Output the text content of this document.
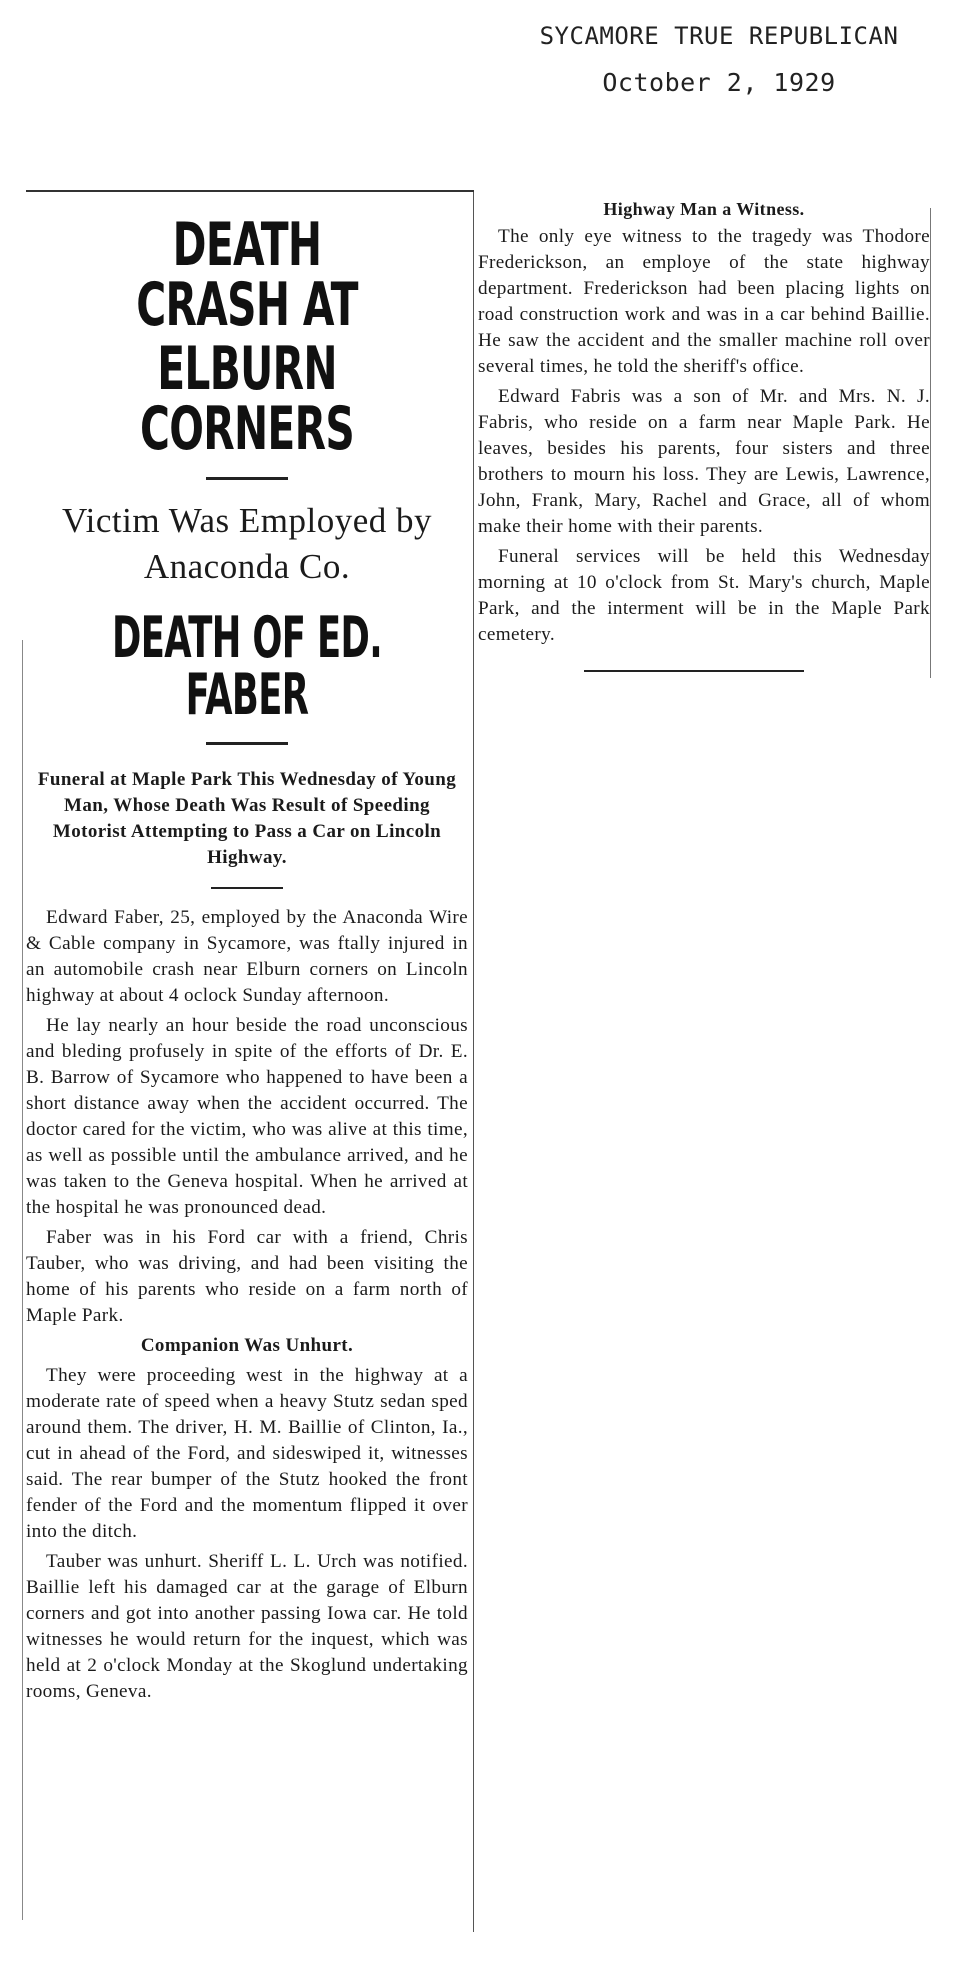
SYCAMORE TRUE REPUBLICAN
October 2, 1929
DEATH CRASH AT
ELBURN CORNERS

Victim Was Employed by Anaconda Co.

DEATH OF ED. FABER

Funeral at Maple Park This Wednesday of Young Man, Whose Death Was Result of Speeding Motorist Attempting to Pass a Car on Lincoln Highway.

Edward Faber, 25, employed by the Anaconda Wire & Cable company in Sycamore, was ftally injured in an automobile crash near Elburn corners on Lincoln highway at about 4 oclock Sunday afternoon.

He lay nearly an hour beside the road unconscious and bleding profusely in spite of the efforts of Dr. E. B. Barrow of Sycamore who happened to have been a short distance away when the accident occurred. The doctor cared for the victim, who was alive at this time, as well as possible until the ambulance arrived, and he was taken to the Geneva hospital. When he arrived at the hospital he was pronounced dead.

Faber was in his Ford car with a friend, Chris Tauber, who was driving, and had been visiting the home of his parents who reside on a farm north of Maple Park.

Companion Was Unhurt.

They were proceeding west in the highway at a moderate rate of speed when a heavy Stutz sedan sped around them. The driver, H. M. Baillie of Clinton, Ia., cut in ahead of the Ford, and sideswiped it, witnesses said. The rear bumper of the Stutz hooked the front fender of the Ford and the momentum flipped it over into the ditch.

Tauber was unhurt. Sheriff L. L. Urch was notified. Baillie left his damaged car at the garage of Elburn corners and got into another passing Iowa car. He told witnesses he would return for the inquest, which was held at 2 o'clock Monday at the Skoglund undertaking rooms, Geneva.

Highway Man a Witness.

The only eye witness to the tragedy was Thodore Frederickson, an employe of the state highway department. Frederickson had been placing lights on road construction work and was in a car behind Baillie. He saw the accident and the smaller machine roll over several times, he told the sheriff's office.

Edward Fabris was a son of Mr. and Mrs. N. J. Fabris, who reside on a farm near Maple Park. He leaves, besides his parents, four sisters and three brothers to mourn his loss. They are Lewis, Lawrence, John, Frank, Mary, Rachel and Grace, all of whom make their home with their parents.

Funeral services will be held this Wednesday morning at 10 o'clock from St. Mary's church, Maple Park, and the interment will be in the Maple Park cemetery.
